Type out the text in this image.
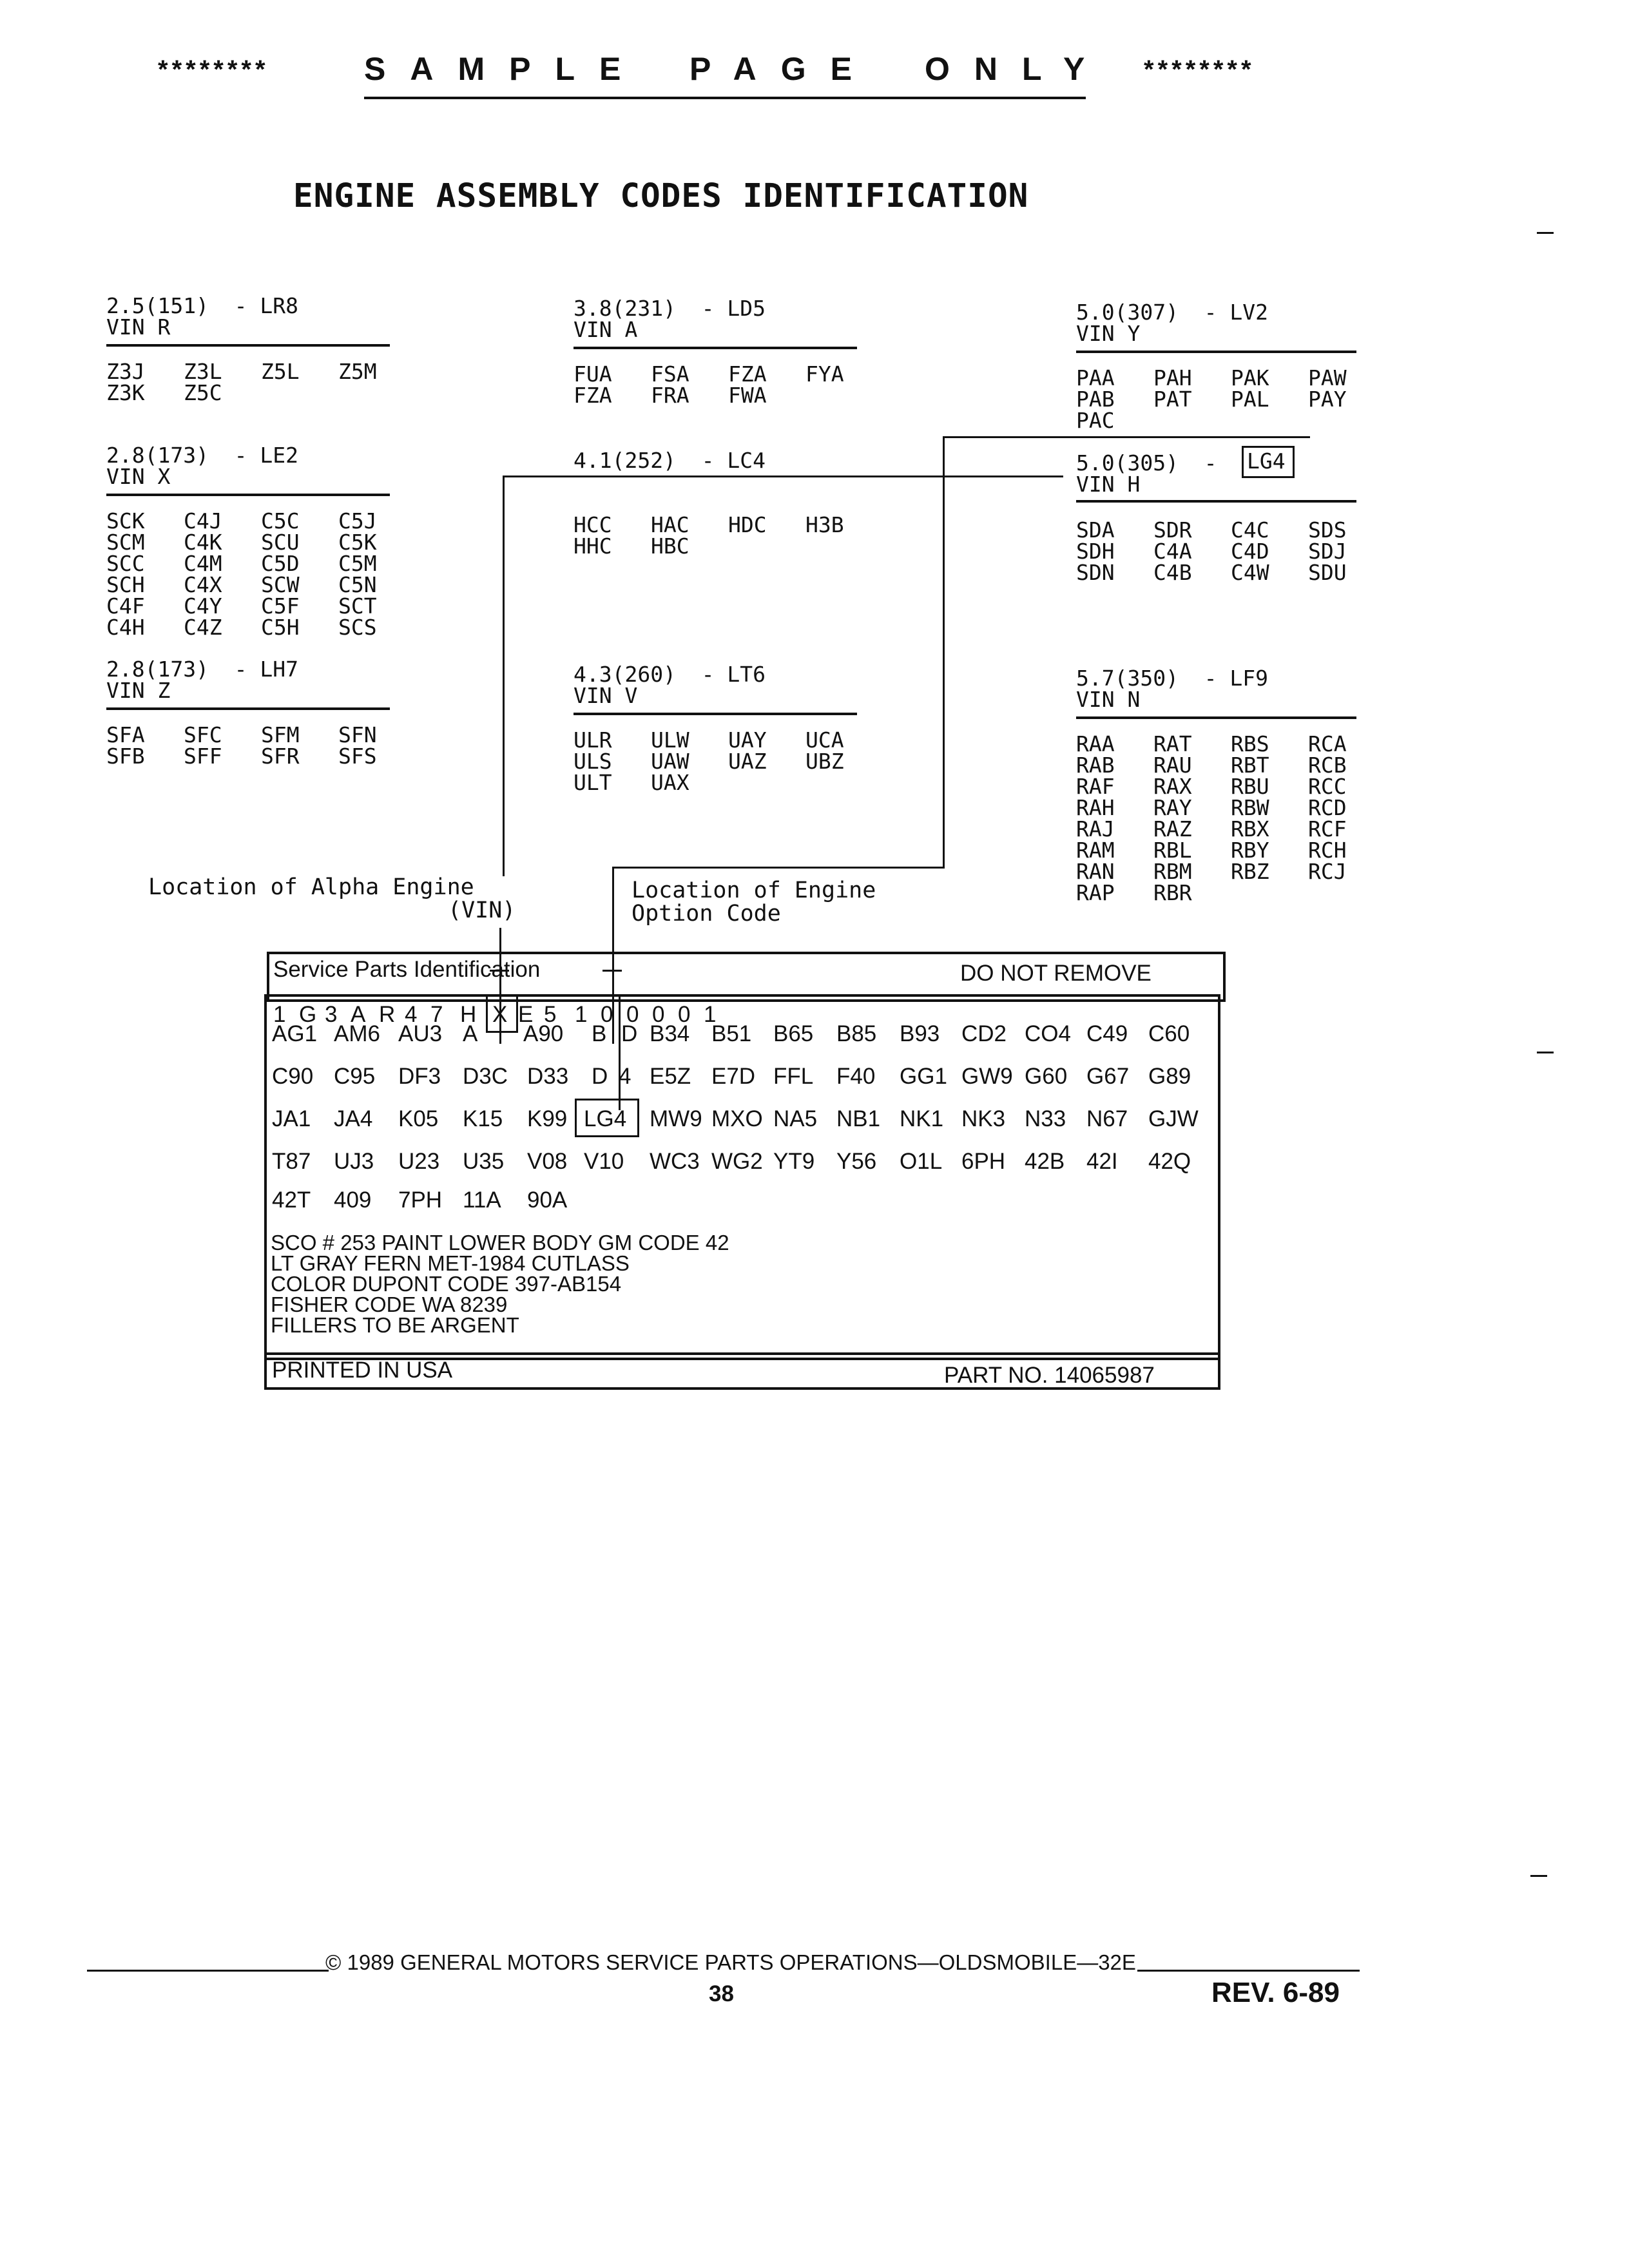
********	SAMPLE PAGE ONLY ********
ENGINE ASSEMBLY CODES IDENTIFICATION
2.5(151)  - LR8
VIN R
Z3J Z3L Z5L Z5M
Z3K Z5C
2.8(173)  - LE2
VIN X
SCK C4J C5C C5J
SCM C4K SCU C5K
SCC C4M C5D C5M
SCH C4X SCW C5N
C4F C4Y C5F SCT
C4H C4Z C5H SCS
2.8(173)  - LH7
VIN Z
SFA SFC SFM SFN
SFB SFF SFR SFS
3.8(231)  - LD5
VIN A
FUA FSA FZA FYA
FZA FRA FWA
4.1(252)  - LC4
HCC HAC HDC H3B
HHC HBC
4.3(260)  - LT6
VIN V
ULR ULW UAY UCA
ULS UAW UAZ UBZ
ULT UAX
5.0(307)  - LV2
VIN Y
PAA PAH PAK PAW
PAB PAT PAL PAY
PAC
5.0(305)  -
VIN H
LG4
SDA SDR C4C SDS
SDH C4A C4D SDJ
SDN C4B C4W SDU
5.7(350)  - LF9
VIN N
RAA RAT RBS RCA
RAB RAU RBT RCB
RAF RAX RBU RCC
RAH RAY RBW RCD
RAJ RAZ RBX RCF
RAM RBL RBY RCH
RAN RBM RBZ RCJ
RAP RBR
Location of Alpha Engine
(VIN)
Location of Engine
Option Code
Service Parts Identification	DO NOT REMOVE
1 G 3 A R 4 7 H X E 5 1 0 0 0 0 1
AG1 AM6 AU3 A A90 B D B34 B51 B65 B85 B93 CD2 CO4 C49 C60
C90 C95 DF3 D3C D33 D 4 E5Z E7D FFL F40 GG1 GW9 G60 G67 G89
JA1 JA4 K05 K15 K99 LG4 MW9 MXO NA5 NB1 NK1 NK3 N33 N67 GJW
T87 UJ3 U23 U35 V08 V10 WC3 WG2 YT9 Y56 O1L 6PH 42B 42I 42Q
42T 409 7PH 11A 90A
SCO # 253 PAINT LOWER BODY GM CODE 42
LT GRAY FERN MET-1984 CUTLASS
COLOR DUPONT CODE 397-AB154
FISHER CODE WA 8239
FILLERS TO BE ARGENT
PRINTED IN USA	PART NO. 14065987
© 1989 GENERAL MOTORS SERVICE PARTS OPERATIONS—OLDSMOBILE—32E
38	REV. 6-89
